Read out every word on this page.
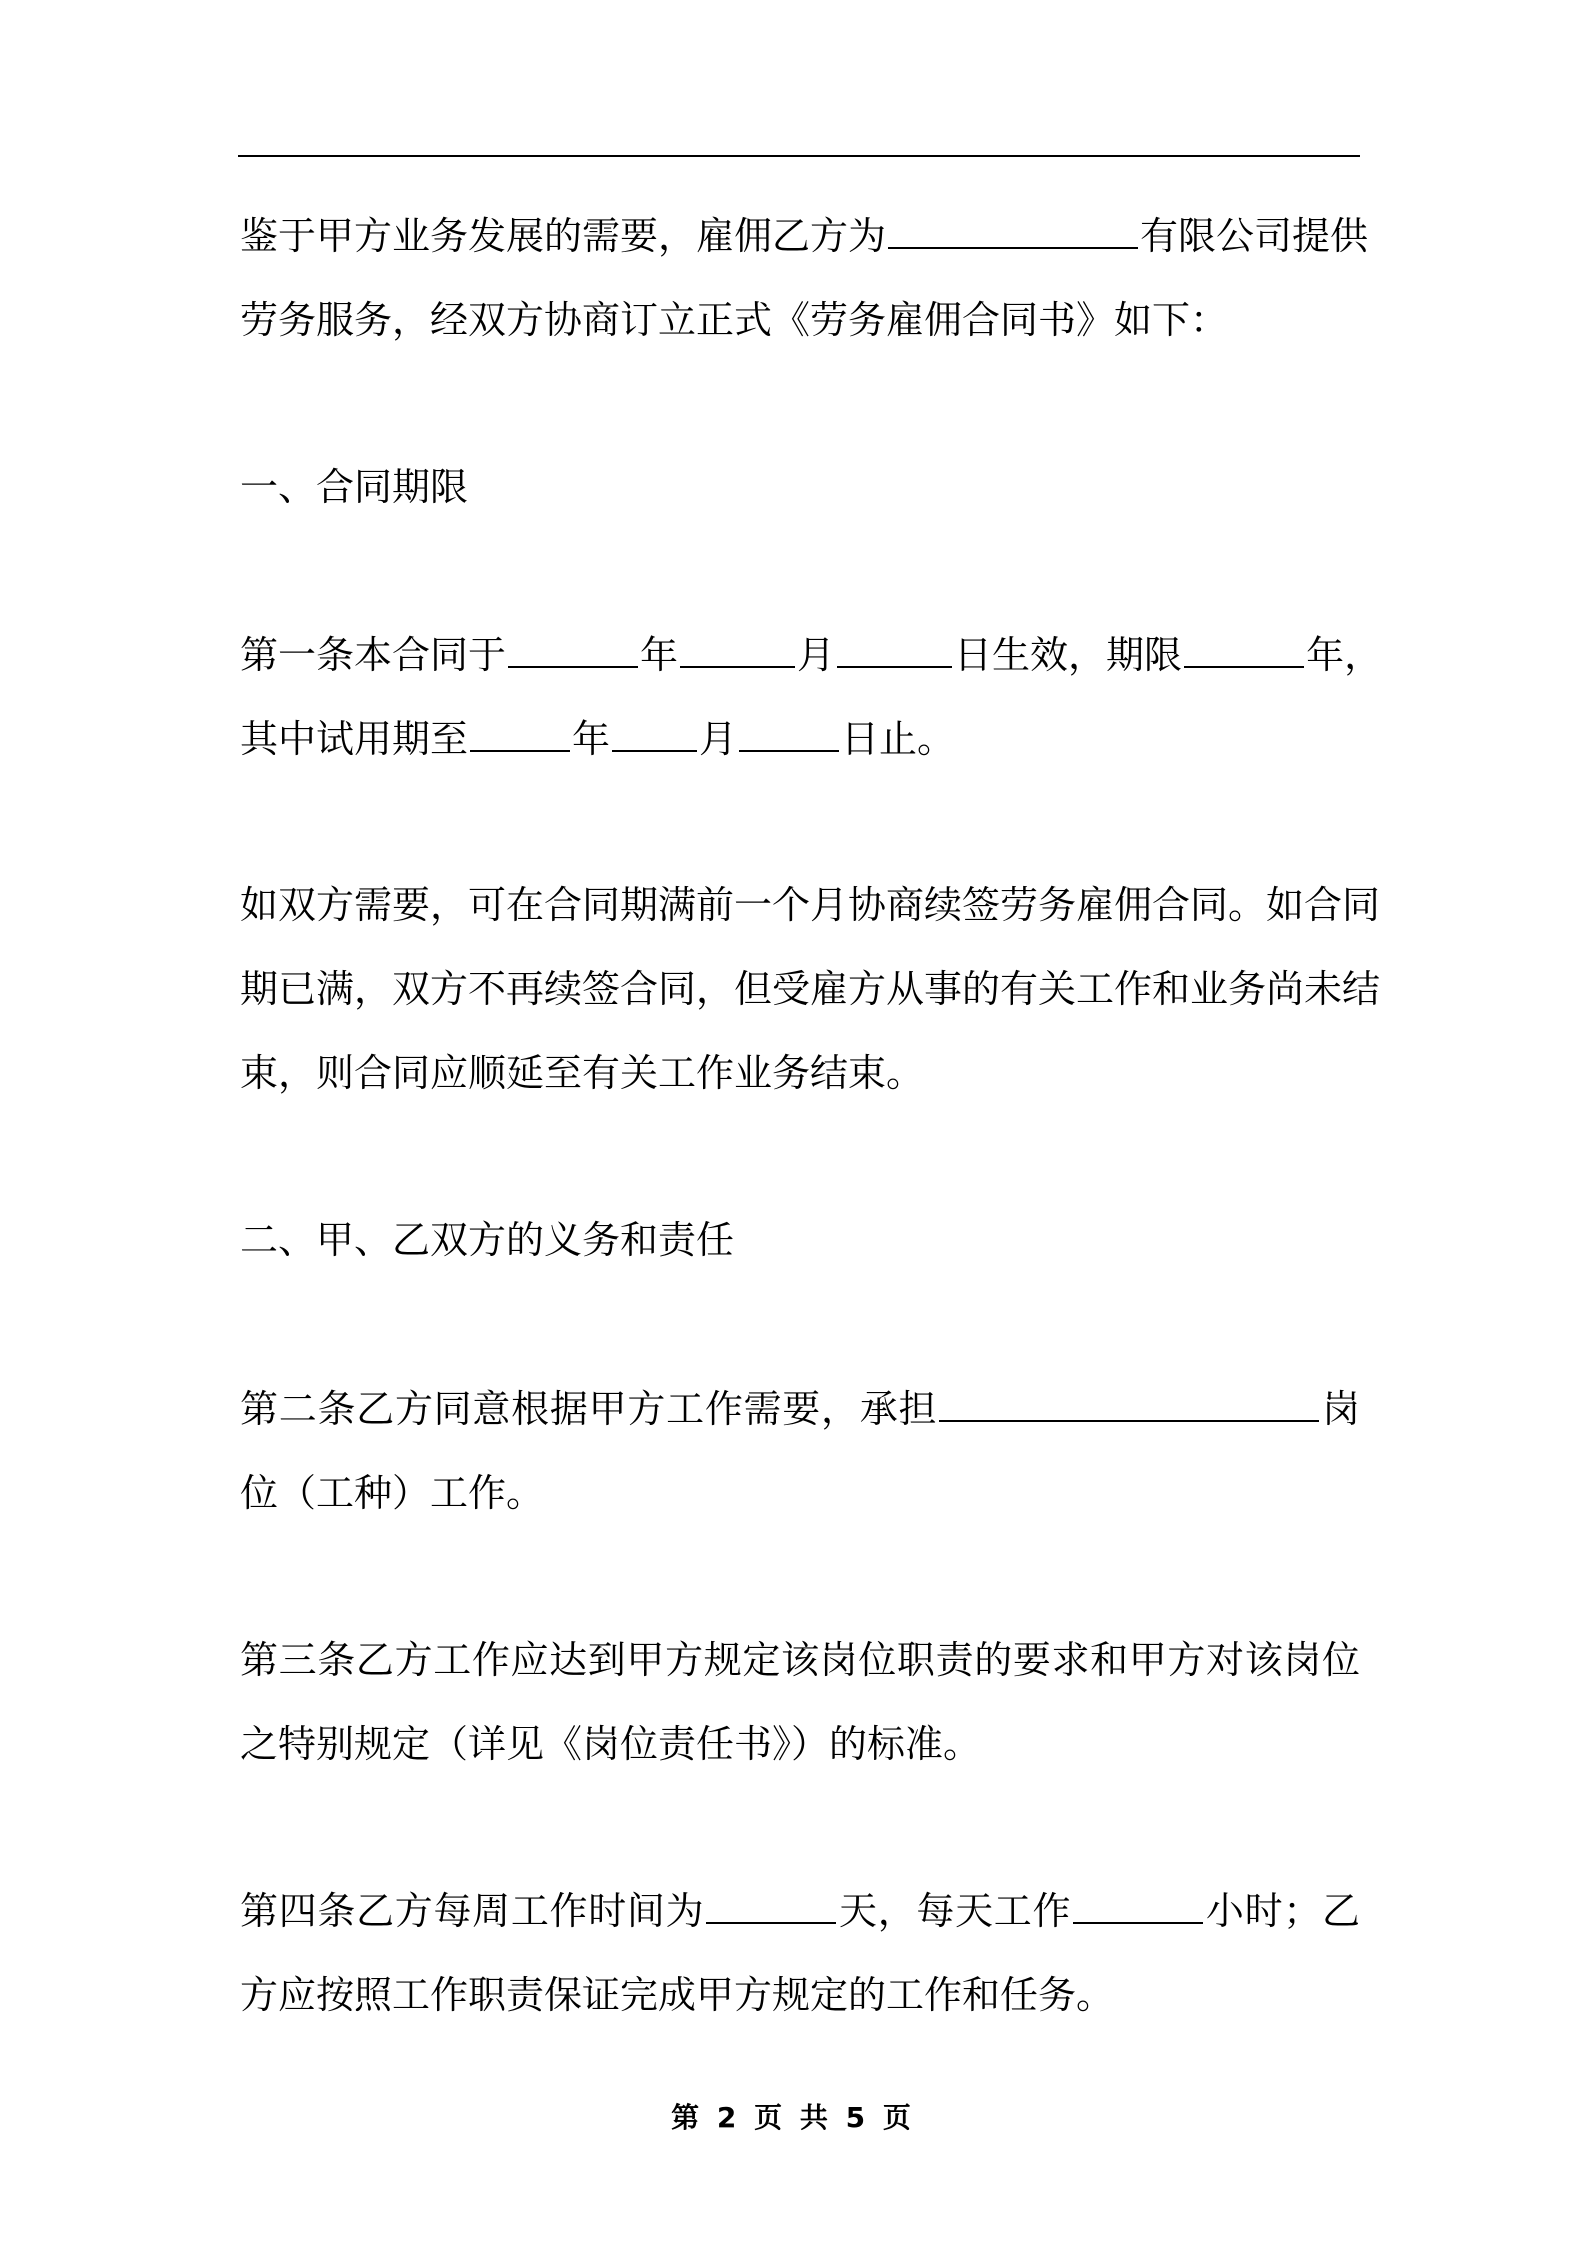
鉴于甲方业务发展的需要，雇佣乙方为	有限公司提供
劳务服务，经双方协商订立正式《劳务雇佣合同书》如下：
一、合同期限
第一条本合同于	年	月	日生效，期限	年，
其中试用期至	年 月	日止。
如双方需要，可在合同期满前一个月协商续签劳务雇佣合同。如合同
期已满，双方不再续签合同，但受雇方从事的有关工作和业务尚未结
束，则合同应顺延至有关工作业务结束。
二、甲、乙双方的义务和责任
第二条乙方同意根据甲方工作需要，承担	岗
位（工种）工作。
第三条乙方工作应达到甲方规定该岗位职责的要求和甲方对该岗位
之特别规定（详见《岗位责任书》）的标准。
第四条乙方每周工作时间为	天，每天工作	小时；乙
方应按照工作职责保证完成甲方规定的工作和任务。
第 2 页 共 5 页
